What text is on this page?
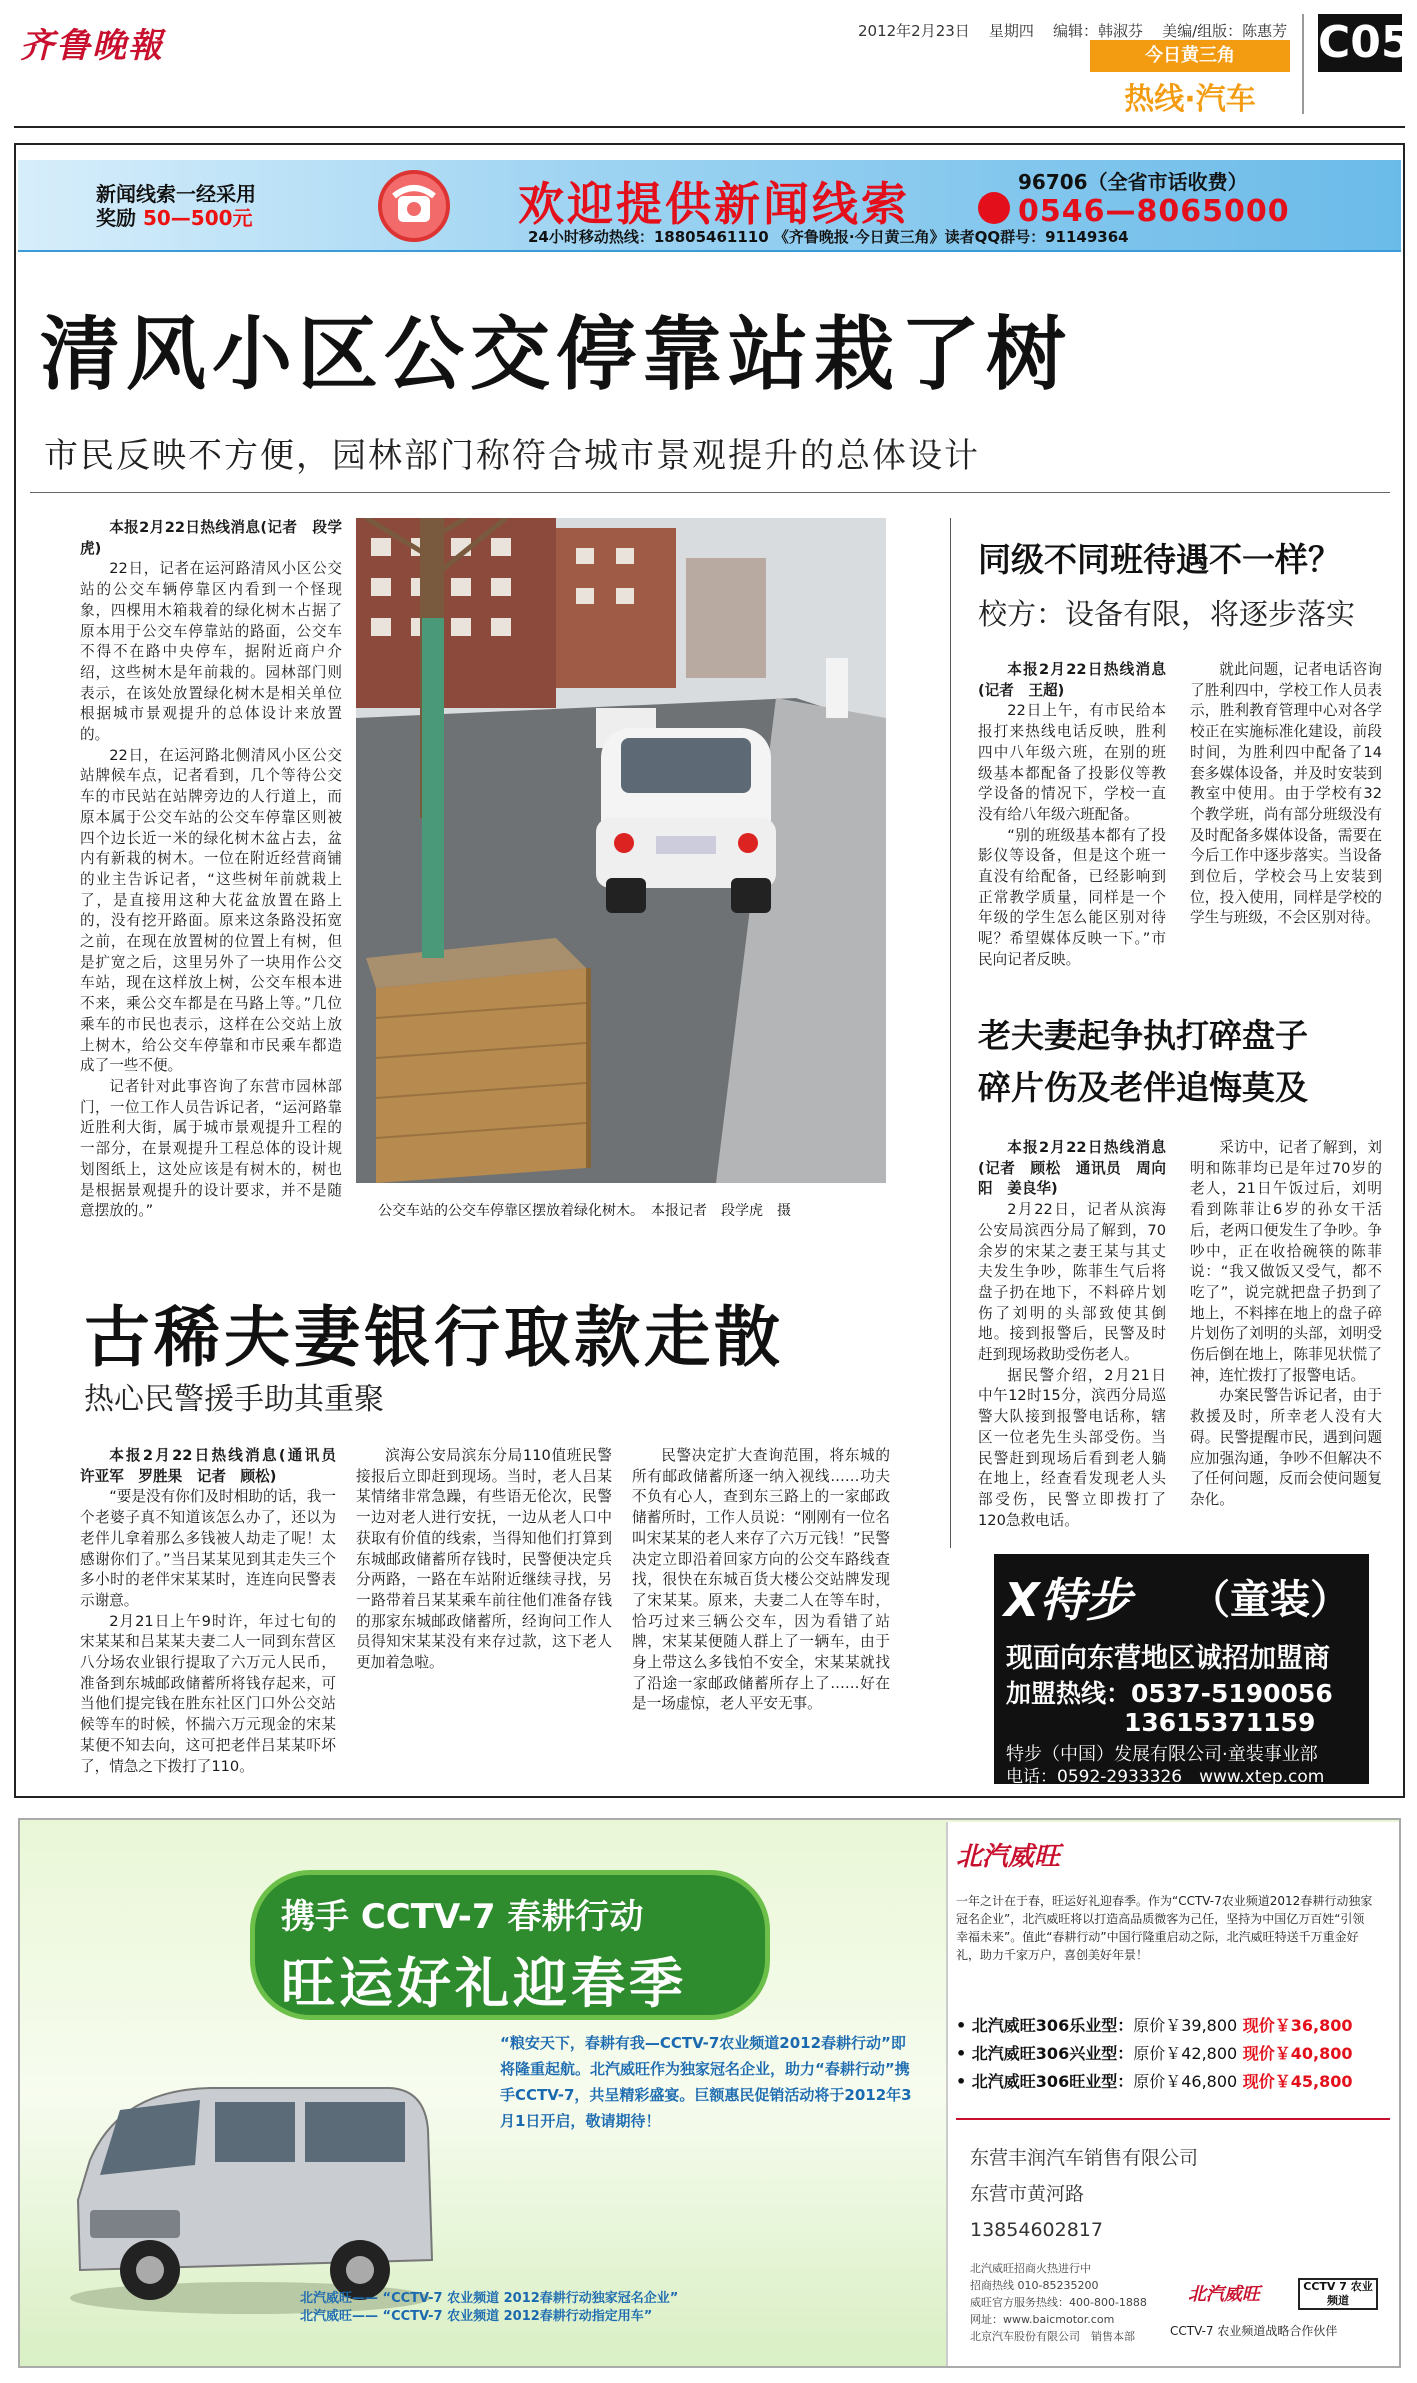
齐鲁晚報	2012年2月23日 星期四 编辑：韩淑芬 美编/组版：陈惠芳
今日黄三角
热线·汽车
C05
新闻线索一经采用
奖励 50—500元	欢迎提供新闻线索	96706（全省市话收费）
0546—8065000
24小时移动热线：18805461110 《齐鲁晚报·今日黄三角》读者QQ群号：91149364
清风小区公交停靠站栽了树
市民反映不方便，园林部门称符合城市景观提升的总体设计

本报2月22日热线消息(记者　段学虎)

22日，记者在运河路清风小区公交站的公交车辆停靠区内看到一个怪现象，四棵用木箱栽着的绿化树木占据了原本用于公交车停靠站的路面，公交车不得不在路中央停车，据附近商户介绍，这些树木是年前栽的。园林部门则表示，在该处放置绿化树木是相关单位根据城市景观提升的总体设计来放置的。

22日，在运河路北侧清风小区公交站牌候车点，记者看到，几个等待公交车的市民站在站牌旁边的人行道上，而原本属于公交车站的公交车停靠区则被四个边长近一米的绿化树木盆占去，盆内有新栽的树木。一位在附近经营商铺的业主告诉记者，“这些树年前就栽上了，是直接用这种大花盆放置在路上的，没有挖开路面。原来这条路没拓宽之前，在现在放置树的位置上有树，但是扩宽之后，这里另外了一块用作公交车站，现在这样放上树，公交车根本进不来，乘公交车都是在马路上等。”几位乘车的市民也表示，这样在公交站上放上树木，给公交车停靠和市民乘车都造成了一些不便。

记者针对此事咨询了东营市园林部门，一位工作人员告诉记者，“运河路靠近胜利大街，属于城市景观提升工程的一部分，在景观提升工程总体的设计规划图纸上，这处应该是有树木的，树也是根据景观提升的设计要求，并不是随意摆放的。”	公交车站的公交车停靠区摆放着绿化树木。　本报记者　段学虎　摄
同级不同班待遇不一样？
校方：设备有限，将逐步落实

本报2月22日热线消息(记者　王超)

22日上午，有市民给本报打来热线电话反映，胜利四中八年级六班，在别的班级基本都配备了投影仪等教学设备的情况下，学校一直没有给八年级六班配备。

“别的班级基本都有了投影仪等设备，但是这个班一直没有给配备，已经影响到正常教学质量，同样是一个年级的学生怎么能区别对待呢？希望媒体反映一下。”市民向记者反映。

就此问题，记者电话咨询了胜利四中，学校工作人员表示，胜利教育管理中心对各学校正在实施标准化建设，前段时间，为胜利四中配备了14套多媒体设备，并及时安装到教室中使用。由于学校有32个教学班，尚有部分班级没有及时配备多媒体设备，需要在今后工作中逐步落实。当设备到位后，学校会马上安装到位，投入使用，同样是学校的学生与班级，不会区别对待。

老夫妻起争执打碎盘子
碎片伤及老伴追悔莫及

本报2月22日热线消息(记者　顾松　通讯员　周向阳　姜良华)

2月22日，记者从滨海公安局滨西分局了解到，70余岁的宋某之妻王某与其丈夫发生争吵，陈菲生气后将盘子扔在地下，不料碎片划伤了刘明的头部致使其倒地。接到报警后，民警及时赶到现场救助受伤老人。

据民警介绍，2月21日中午12时15分，滨西分局巡警大队接到报警电话称，辖区一位老先生头部受伤。当民警赶到现场后看到老人躺在地上，经查看发现老人头部受伤，民警立即拨打了120急救电话。

采访中，记者了解到，刘明和陈菲均已是年过70岁的老人，21日午饭过后，刘明看到陈菲让6岁的孙女干活后，老两口便发生了争吵。争吵中，正在收拾碗筷的陈菲说：“我又做饭又受气，都不吃了”，说完就把盘子扔到了地上，不料摔在地上的盘子碎片划伤了刘明的头部，刘明受伤后倒在地上，陈菲见状慌了神，连忙拨打了报警电话。

办案民警告诉记者，由于救援及时，所幸老人没有大碍。民警提醒市民，遇到问题应加强沟通，争吵不但解决不了任何问题，反而会使问题复杂化。

古稀夫妻银行取款走散
热心民警援手助其重聚

本报2月22日热线消息(通讯员　许亚军　罗胜果　记者　顾松)

“要是没有你们及时相助的话，我一个老婆子真不知道该怎么办了，还以为老伴儿拿着那么多钱被人劫走了呢！太感谢你们了。”当吕某某见到其走失三个多小时的老伴宋某某时，连连向民警表示谢意。

2月21日上午9时许，年过七旬的宋某某和吕某某夫妻二人一同到东营区八分场农业银行提取了六万元人民币，准备到东城邮政储蓄所将钱存起来，可当他们提完钱在胜东社区门口外公交站候等车的时候，怀揣六万元现金的宋某某便不知去向，这可把老伴吕某某吓坏了，情急之下拨打了110。

滨海公安局滨东分局110值班民警接报后立即赶到现场。当时，老人吕某某情绪非常急躁，有些语无伦次，民警一边对老人进行安抚，一边从老人口中获取有价值的线索，当得知他们打算到东城邮政储蓄所存钱时，民警便决定兵分两路，一路在车站附近继续寻找，另一路带着吕某某乘车前往他们准备存钱的那家东城邮政储蓄所，经询问工作人员得知宋某某没有来存过款，这下老人更加着急啦。

民警决定扩大查询范围，将东城的所有邮政储蓄所逐一纳入视线……功夫不负有心人，查到东三路上的一家邮政储蓄所时，工作人员说：“刚刚有一位名叫宋某某的老人来存了六万元钱！”民警决定立即沿着回家方向的公交车路线查找，很快在东城百货大楼公交站牌发现了宋某某。原来，夫妻二人在等车时，恰巧过来三辆公交车，因为看错了站牌，宋某某便随人群上了一辆车，由于身上带这么多钱怕不安全，宋某某就找了沿途一家邮政储蓄所存上了……好在是一场虚惊，老人平安无事。

X特步 （童装）
现面向东营地区诚招加盟商
加盟热线：0537-5190056
13615371159
特步（中国）发展有限公司·童装事业部
电话：0592-2933326　www.xtep.com
携手 CCTV-7 春耕行动
旺运好礼迎春季
“粮安天下，春耕有我—CCTV-7农业频道2012春耕行动”即将隆重起航。北汽威旺作为独家冠名企业，助力“春耕行动”携手CCTV-7，共呈精彩盛宴。巨额惠民促销活动将于2012年3月1日开启，敬请期待！
北汽威旺—— “CCTV-7 农业频道 2012春耕行动独家冠名企业”
北汽威旺—— “CCTV-7 农业频道 2012春耕行动指定用车”
北汽威旺
一年之计在于春，旺运好礼迎春季。作为“CCTV-7农业频道2012春耕行动独家冠名企业”，北汽威旺将以打造高品质微客为己任，坚持为中国亿万百姓“引领幸福未来”。值此“春耕行动”中国行隆重启动之际，北汽威旺特送千万重金好礼，助力千家万户，喜创美好年景！
• 北汽威旺306乐业型：原价￥39,800 现价￥36,800
• 北汽威旺306兴业型：原价￥42,800 现价￥40,800
• 北汽威旺306旺业型：原价￥46,800 现价￥45,800
东营丰润汽车销售有限公司
东营市黄河路
13854602817
北汽威旺招商火热进行中
招商热线 010-85235200
威旺官方服务热线：400-800-1888
网址：www.baicmotor.com
北京汽车股份有限公司　销售本部
北汽威旺	CCTV 7 农业频道
CCTV-7 农业频道战略合作伙伴
